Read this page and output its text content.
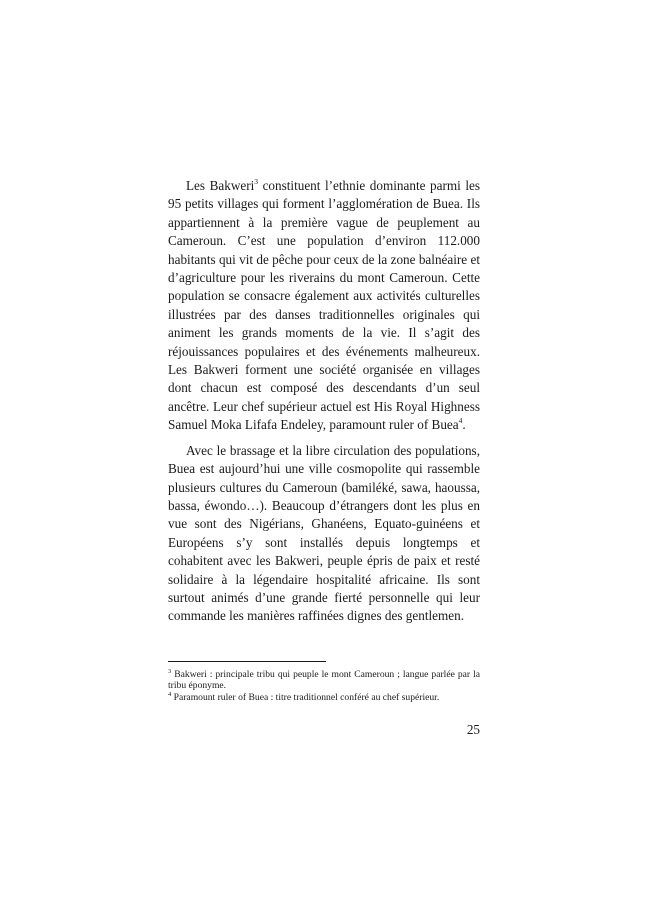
Les Bakweri$^3$ constituent l’ethnie dominante parmi les 95 petits villages qui forment l’agglomération de Buea. Ils appartiennent à la première vague de peuplement au Cameroun. C’est une population d’environ 112.000 habitants qui vit de pêche pour ceux de la zone balnéaire et d’agriculture pour les riverains du mont Cameroun. Cette population se consacre également aux activités culturelles illustrées par des danses traditionnelles originales qui animent les grands moments de la vie. Il s’agit des réjouissances populaires et des événements malheureux. Les Bakweri forment une société organisée en villages dont chacun est composé des descendants d’un seul ancêtre. Leur chef supérieur actuel est His Royal Highness Samuel Moka Lifafa Endeley, paramount ruler of Buea$^4$.

Avec le brassage et la libre circulation des populations, Buea est aujourd’hui une ville cosmopolite qui rassemble plusieurs cultures du Cameroun (bamiléké, sawa, haoussa, bassa, éwondo…). Beaucoup d’étrangers dont les plus en vue sont des Nigérians, Ghanéens, Equato-guinéens et Européens s’y sont installés depuis longtemps et cohabitent avec les Bakweri, peuple épris de paix et resté solidaire à la légendaire hospitalité africaine. Ils sont surtout animés d’une grande fierté personnelle qui leur commande les manières raffinées dignes des gentlemen.

$^3$ Bakweri : principale tribu qui peuple le mont Cameroun ; langue parlée par la tribu éponyme.

$^4$ Paramount ruler of Buea : titre traditionnel conféré au chef supérieur.

25
